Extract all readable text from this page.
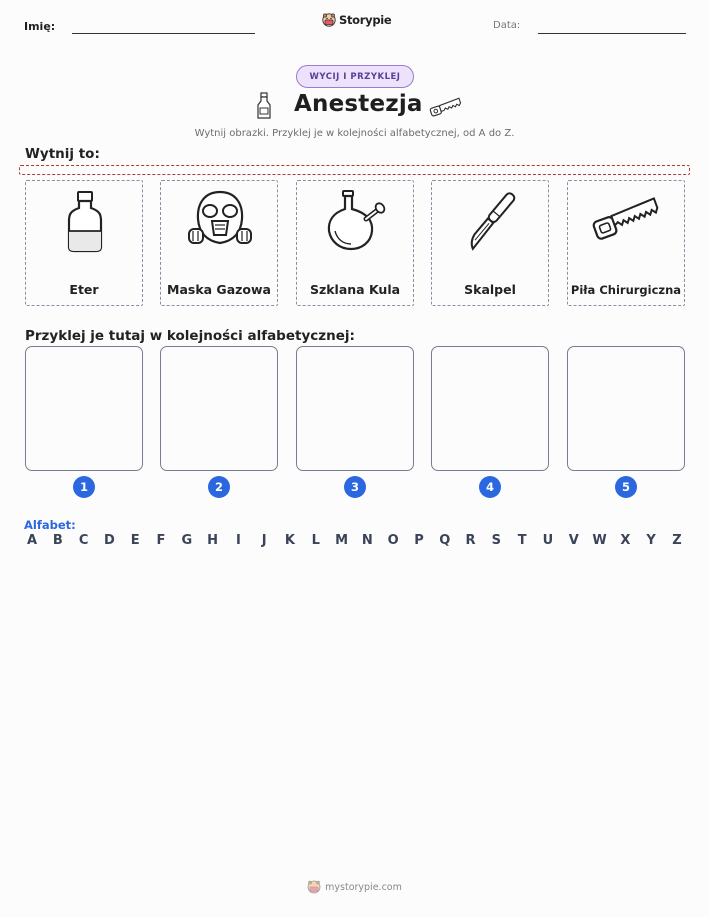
Imię:	Storypie	Data:
WYCIJ I PRZYKLEJ
Anestezja
Wytnij obrazki. Przyklej je w kolejności alfabetycznej, od A do Z.
Wytnij to:
Eter	Maska Gazowa	Szklana Kula	Skalpel	Piła Chirurgiczna
Przyklej je tutaj w kolejności alfabetycznej:
1	2	3	4	5
Alfabet:
A B C D E F G H	I	J	K L M N O P Q R S T U V W X Y Z
mystorypie.com
